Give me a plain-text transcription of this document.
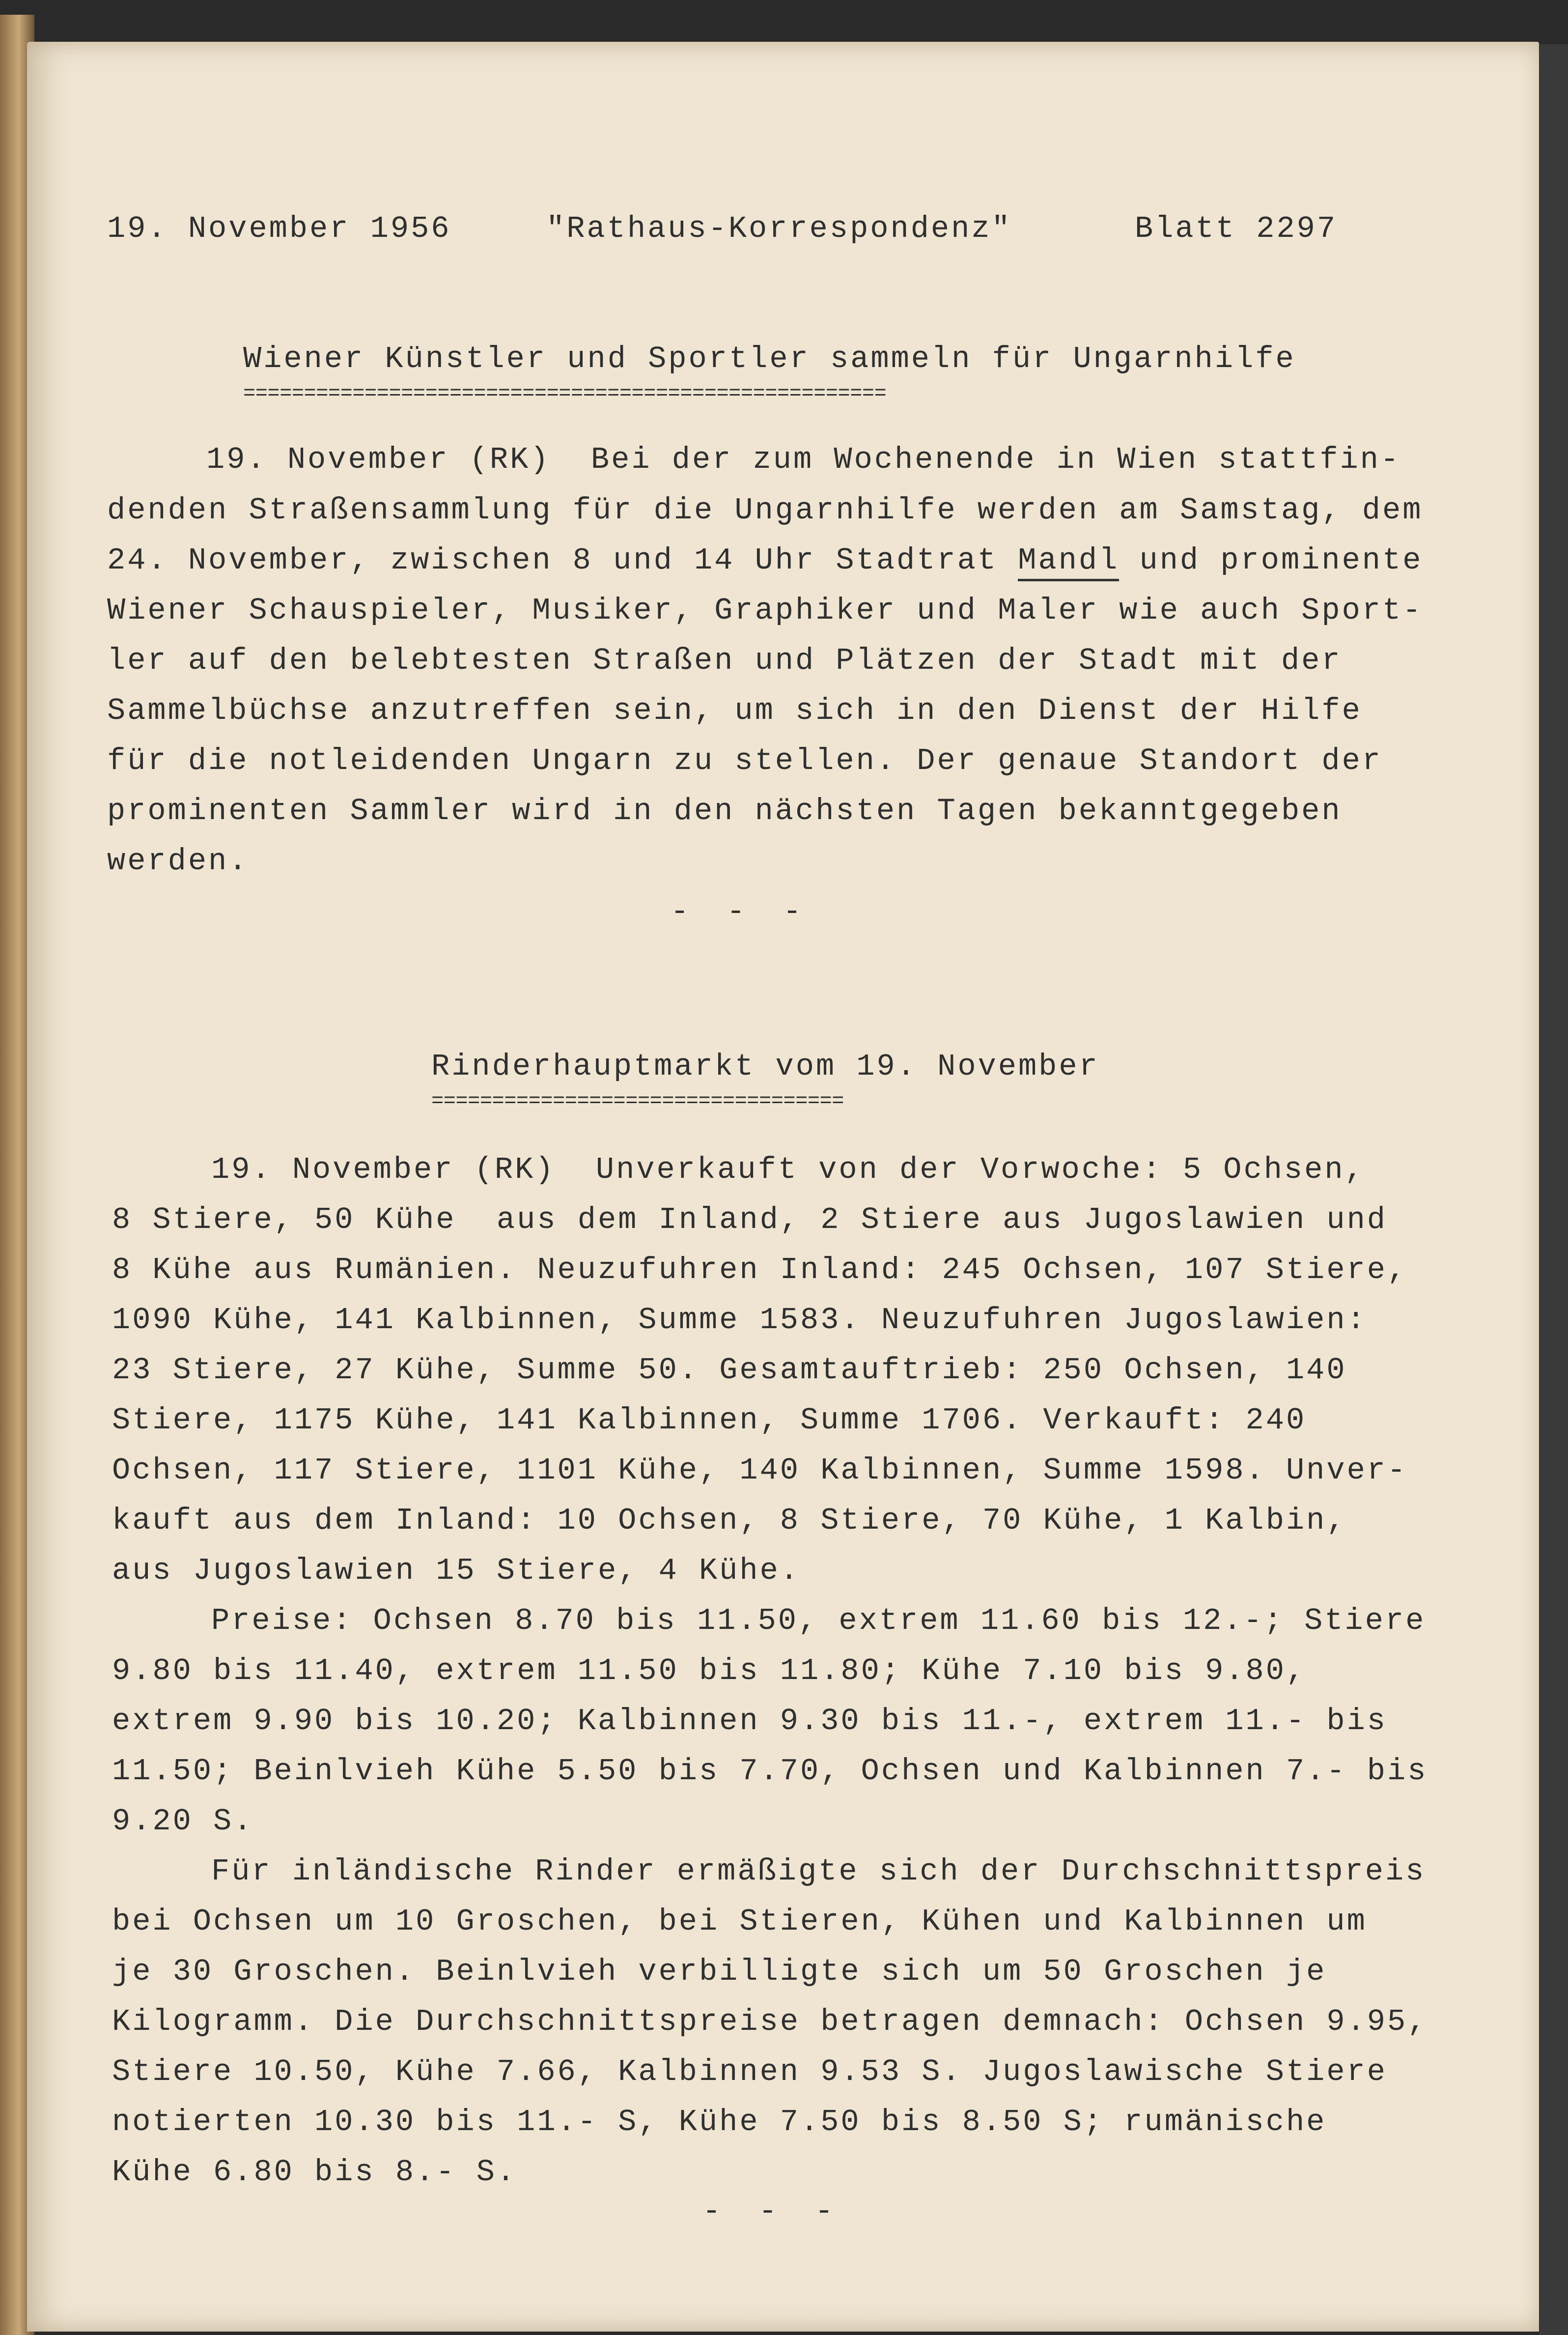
19. November 1956	"Rathaus-Korrespondenz"	Blatt 2297
Wiener Künstler und Sportler sammeln für Ungarnhilfe
=====================================================
19. November (RK)  Bei der zum Wochenende in Wien stattfin-
denden Straßensammlung für die Ungarnhilfe werden am Samstag, dem
24. November, zwischen 8 und 14 Uhr Stadtrat Mandl und prominente
Wiener Schauspieler, Musiker, Graphiker und Maler wie auch Sport-
ler auf den belebtesten Straßen und Plätzen der Stadt mit der
Sammelbüchse anzutreffen sein, um sich in den Dienst der Hilfe
für die notleidenden Ungarn zu stellen. Der genaue Standort der
prominenten Sammler wird in den nächsten Tagen bekanntgegeben
werden.
- - -
Rinderhauptmarkt vom 19. November
==================================
19. November (RK)  Unverkauft von der Vorwoche: 5 Ochsen,
8 Stiere, 50 Kühe  aus dem Inland, 2 Stiere aus Jugoslawien und
8 Kühe aus Rumänien. Neuzufuhren Inland: 245 Ochsen, 107 Stiere,
1090 Kühe, 141 Kalbinnen, Summe 1583. Neuzufuhren Jugoslawien:
23 Stiere, 27 Kühe, Summe 50. Gesamtauftrieb: 250 Ochsen, 140
Stiere, 1175 Kühe, 141 Kalbinnen, Summe 1706. Verkauft: 240
Ochsen, 117 Stiere, 1101 Kühe, 140 Kalbinnen, Summe 1598. Unver-
kauft aus dem Inland: 10 Ochsen, 8 Stiere, 70 Kühe, 1 Kalbin,
aus Jugoslawien 15 Stiere, 4 Kühe.
Preise: Ochsen 8.70 bis 11.50, extrem 11.60 bis 12.-; Stiere
9.80 bis 11.40, extrem 11.50 bis 11.80; Kühe 7.10 bis 9.80,
extrem 9.90 bis 10.20; Kalbinnen 9.30 bis 11.-, extrem 11.- bis
11.50; Beinlvieh Kühe 5.50 bis 7.70, Ochsen und Kalbinnen 7.- bis
9.20 S.
Für inländische Rinder ermäßigte sich der Durchschnittspreis
bei Ochsen um 10 Groschen, bei Stieren, Kühen und Kalbinnen um
je 30 Groschen. Beinlvieh verbilligte sich um 50 Groschen je
Kilogramm. Die Durchschnittspreise betragen demnach: Ochsen 9.95,
Stiere 10.50, Kühe 7.66, Kalbinnen 9.53 S. Jugoslawische Stiere
notierten 10.30 bis 11.- S, Kühe 7.50 bis 8.50 S; rumänische
Kühe 6.80 bis 8.- S.
- - -
